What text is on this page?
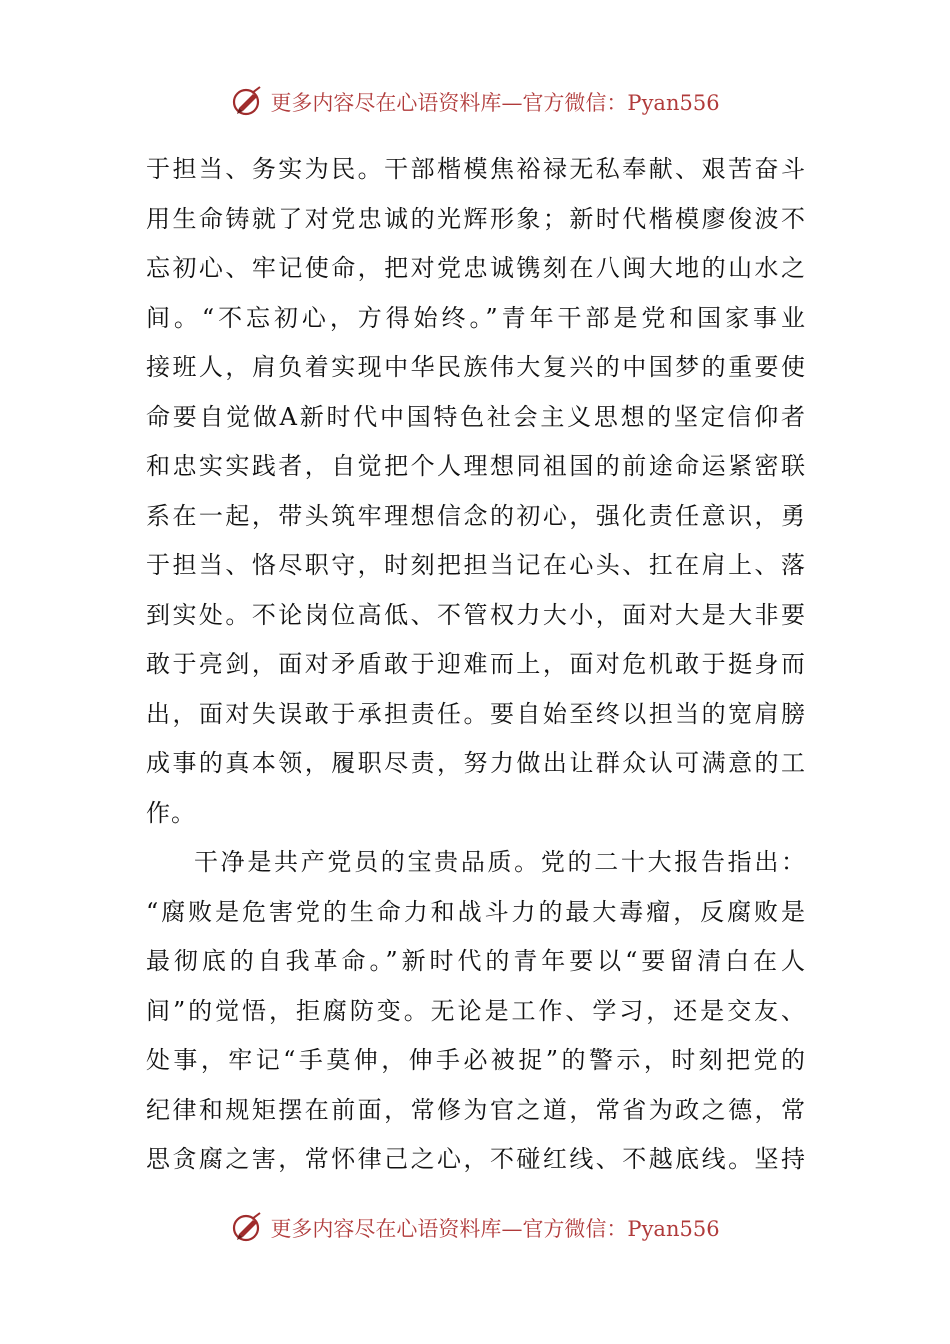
更多内容尽在心语资料库—官方微信：Pyan556
于担当、务实为民。干部楷模焦裕禄无私奉献、艰苦奋斗
用生命铸就了对党忠诚的光辉形象；新时代楷模廖俊波不
忘初心、牢记使命，把对党忠诚镌刻在八闽大地的山水之
间。“不忘初心，方得始终。”青年干部是党和国家事业
接班人，肩负着实现中华民族伟大复兴的中国梦的重要使
命要自觉做A新时代中国特色社会主义思想的坚定信仰者
和忠实实践者，自觉把个人理想同祖国的前途命运紧密联
系在一起，带头筑牢理想信念的初心，强化责任意识，勇
于担当、恪尽职守，时刻把担当记在心头、扛在肩上、落
到实处。不论岗位高低、不管权力大小，面对大是大非要
敢于亮剑，面对矛盾敢于迎难而上，面对危机敢于挺身而
出，面对失误敢于承担责任。要自始至终以担当的宽肩膀
成事的真本领，履职尽责，努力做出让群众认可满意的工
作。
干净是共产党员的宝贵品质。党的二十大报告指出：
“腐败是危害党的生命力和战斗力的最大毒瘤，反腐败是
最彻底的自我革命。”新时代的青年要以“要留清白在人
间”的觉悟，拒腐防变。无论是工作、学习，还是交友、
处事，牢记“手莫伸，伸手必被捉”的警示，时刻把党的
纪律和规矩摆在前面，常修为官之道，常省为政之德，常
思贪腐之害，常怀律己之心，不碰红线、不越底线。坚持
更多内容尽在心语资料库—官方微信：Pyan556
